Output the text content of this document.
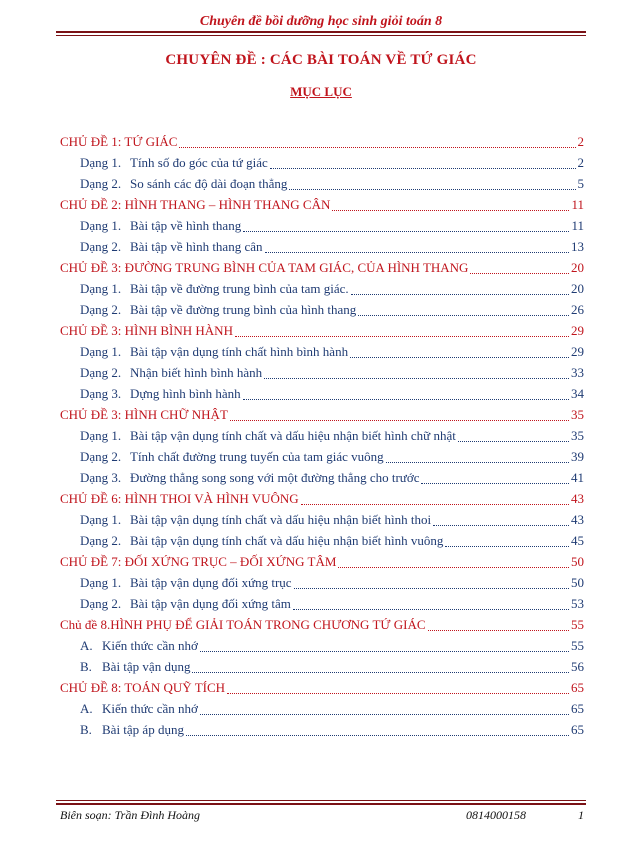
Chuyên đề bồi dưỡng học sinh giỏi toán 8
CHUYÊN ĐỀ : CÁC BÀI TOÁN VỀ TỨ GIÁC
MỤC LỤC
CHỦ ĐỀ 1: TỨ GIÁC	2
Dạng 1. Tính số đo góc của tứ giác	2
Dạng 2. So sánh các độ dài đoạn thẳng	5
CHỦ ĐỀ 2: HÌNH THANG – HÌNH THANG CÂN	11
Dạng 1. Bài tập về hình thang	11
Dạng 2. Bài tập về hình thang cân	13
CHỦ ĐỀ 3: ĐƯỜNG TRUNG BÌNH CỦA TAM GIÁC, CỦA HÌNH THANG	20
Dạng 1. Bài tập về đường trung bình của tam giác.	20
Dạng 2. Bài tập về đường trung bình của hình thang	26
CHỦ ĐỀ 3: HÌNH BÌNH HÀNH	29
Dạng 1. Bài tập vận dụng tính chất hình bình hành	29
Dạng 2. Nhận biết hình bình hành	33
Dạng 3. Dựng hình bình hành	34
CHỦ ĐỀ 3: HÌNH CHỮ NHẬT	35
Dạng 1. Bài tập vận dụng tính chất và dấu hiệu nhận biết hình chữ nhật	35
Dạng 2. Tính chất đường trung tuyến của tam giác vuông	39
Dạng 3. Đường thẳng song song với một đường thẳng cho trước	41
CHỦ ĐỀ 6: HÌNH THOI VÀ HÌNH VUÔNG	43
Dạng 1. Bài tập vận dụng tính chất và dấu hiệu nhận biết hình thoi	43
Dạng 2. Bài tập vận dụng tính chất và dấu hiệu nhận biết hình vuông	45
CHỦ ĐỀ 7: ĐỐI XỨNG TRỤC – ĐỐI XỨNG TÂM	50
Dạng 1. Bài tập vận dụng đối xứng trục	50
Dạng 2. Bài tập vận dụng đối xứng tâm	53
Chủ đề 8.HÌNH PHỤ ĐỂ GIẢI TOÁN TRONG CHƯƠNG TỨ GIÁC	55
A. Kiến thức cần nhớ	55
B. Bài tập vận dụng	56
CHỦ ĐỀ 8: TOÁN QUỸ TÍCH	65
A. Kiến thức cần nhớ	65
B. Bài tập áp dụng	65
Biên soạn: Trần Đình Hoàng	0814000158	1
